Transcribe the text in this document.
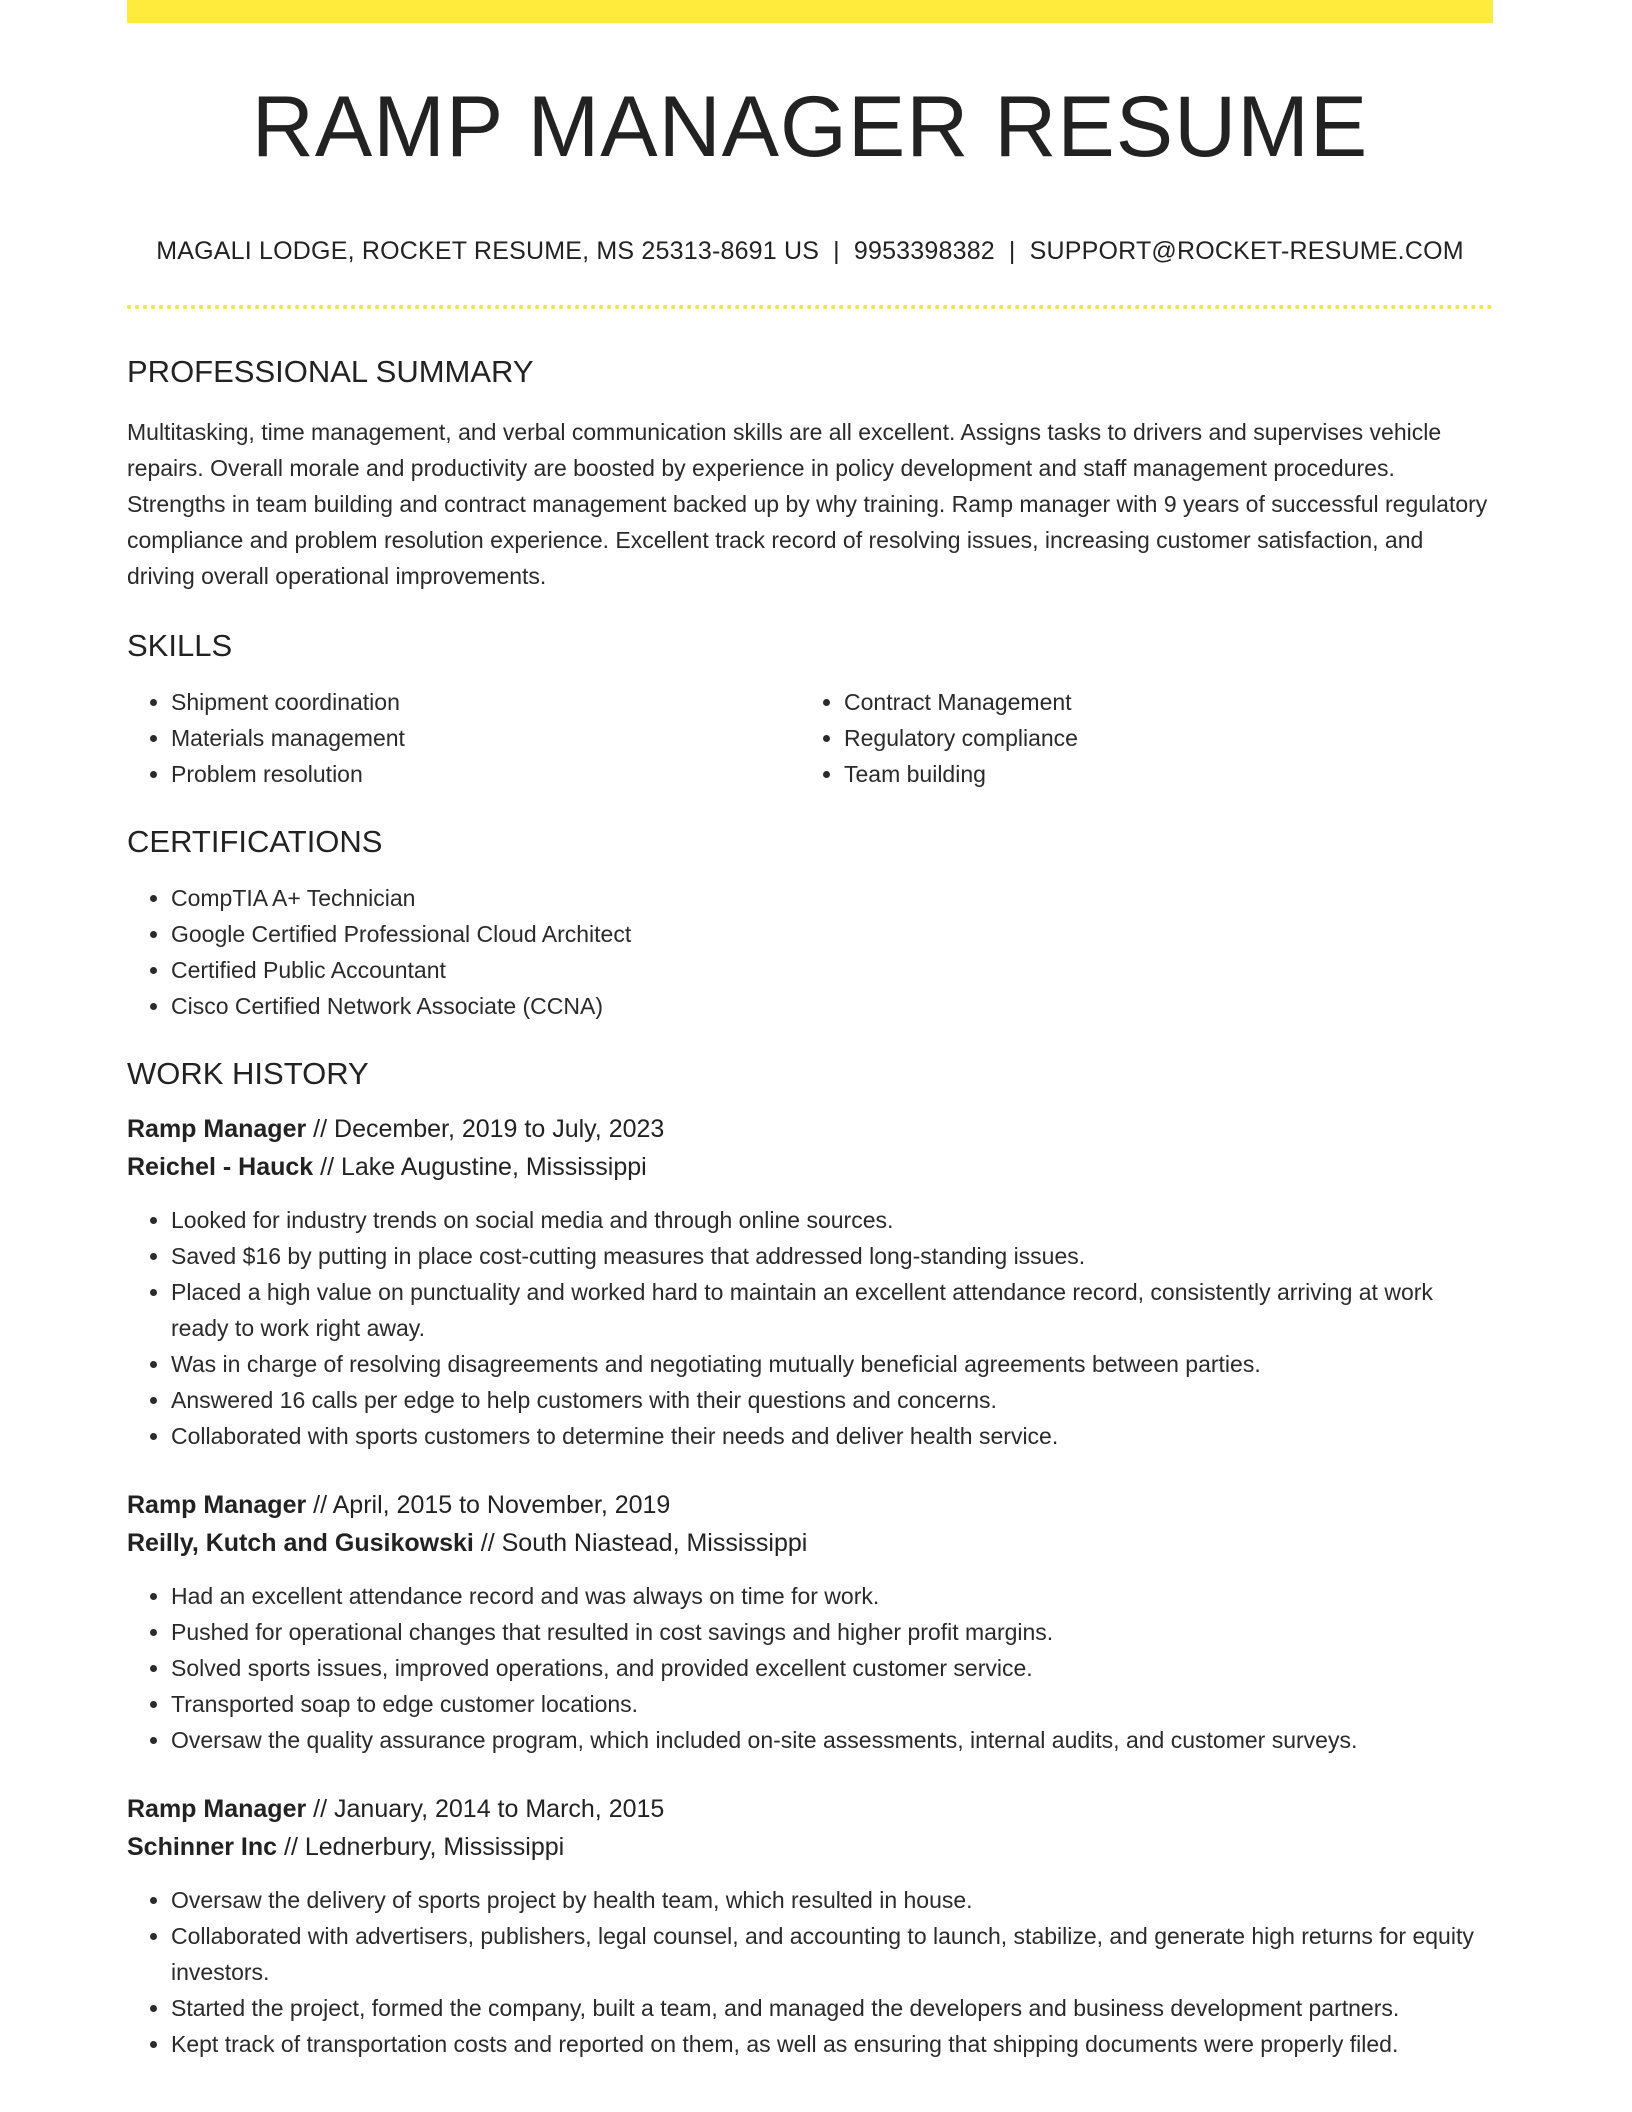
RAMP MANAGER RESUME
MAGALI LODGE, ROCKET RESUME, MS 25313-8691 US | 9953398382 | SUPPORT@ROCKET-RESUME.COM
PROFESSIONAL SUMMARY

Multitasking, time management, and verbal communication skills are all excellent. Assigns tasks to drivers and supervises vehicle repairs. Overall morale and productivity are boosted by experience in policy development and staff management procedures. Strengths in team building and contract management backed up by why training. Ramp manager with 9 years of successful regulatory compliance and problem resolution experience. Excellent track record of resolving issues, increasing customer satisfaction, and driving overall operational improvements.

SKILLS
• Shipment coordination
• Materials management
• Problem resolution
• Contract Management
• Regulatory compliance
• Team building
CERTIFICATIONS
• CompTIA A+ Technician
• Google Certified Professional Cloud Architect
• Certified Public Accountant
• Cisco Certified Network Associate (CCNA)
WORK HISTORY

Ramp Manager // December, 2019 to July, 2023

Reichel - Hauck // Lake Augustine, Mississippi

• Looked for industry trends on social media and through online sources.
• Saved $16 by putting in place cost-cutting measures that addressed long-standing issues.
• Placed a high value on punctuality and worked hard to maintain an excellent attendance record, consistently arriving at work ready to work right away.
• Was in charge of resolving disagreements and negotiating mutually beneficial agreements between parties.
• Answered 16 calls per edge to help customers with their questions and concerns.
• Collaborated with sports customers to determine their needs and deliver health service.

Ramp Manager // April, 2015 to November, 2019

Reilly, Kutch and Gusikowski // South Niastead, Mississippi

• Had an excellent attendance record and was always on time for work.
• Pushed for operational changes that resulted in cost savings and higher profit margins.
• Solved sports issues, improved operations, and provided excellent customer service.
• Transported soap to edge customer locations.
• Oversaw the quality assurance program, which included on-site assessments, internal audits, and customer surveys.

Ramp Manager // January, 2014 to March, 2015

Schinner Inc // Lednerbury, Mississippi

• Oversaw the delivery of sports project by health team, which resulted in house.
• Collaborated with advertisers, publishers, legal counsel, and accounting to launch, stabilize, and generate high returns for equity investors.
• Started the project, formed the company, built a team, and managed the developers and business development partners.
• Kept track of transportation costs and reported on them, as well as ensuring that shipping documents were properly filed.
